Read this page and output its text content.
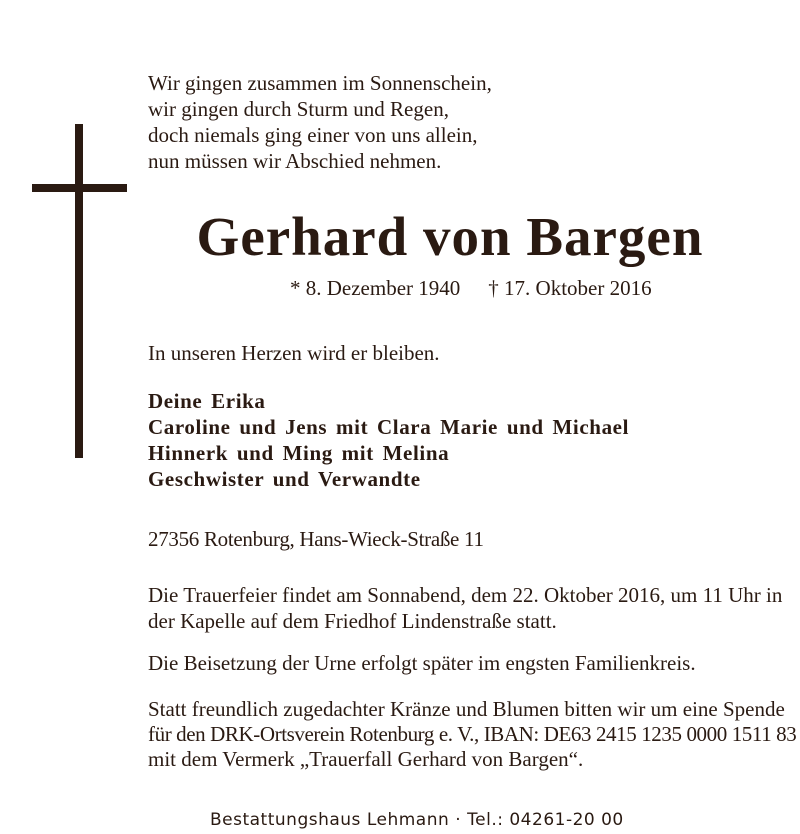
Wir gingen zusammen im Sonnenschein,
wir gingen durch Sturm und Regen,
doch niemals ging einer von uns allein,
nun müssen wir Abschied nehmen.
Gerhard von Bargen
* 8. Dezember 1940 † 17. Oktober 2016
In unseren Herzen wird er bleiben.
Deine Erika
Caroline und Jens mit Clara Marie und Michael
Hinnerk und Ming mit Melina
Geschwister und Verwandte
27356 Rotenburg, Hans-Wieck-Straße 11
Die Trauerfeier findet am Sonnabend, dem 22. Oktober 2016, um 11 Uhr in
der Kapelle auf dem Friedhof Lindenstraße statt.
Die Beisetzung der Urne erfolgt später im engsten Familienkreis.
Statt freundlich zugedachter Kränze und Blumen bitten wir um eine Spende
für den DRK-Ortsverein Rotenburg e. V., IBAN: DE63 2415 1235 0000 1511 83
mit dem Vermerk „Trauerfall Gerhard von Bargen“.
Bestattungshaus Lehmann · Tel.: 04261-20 00
